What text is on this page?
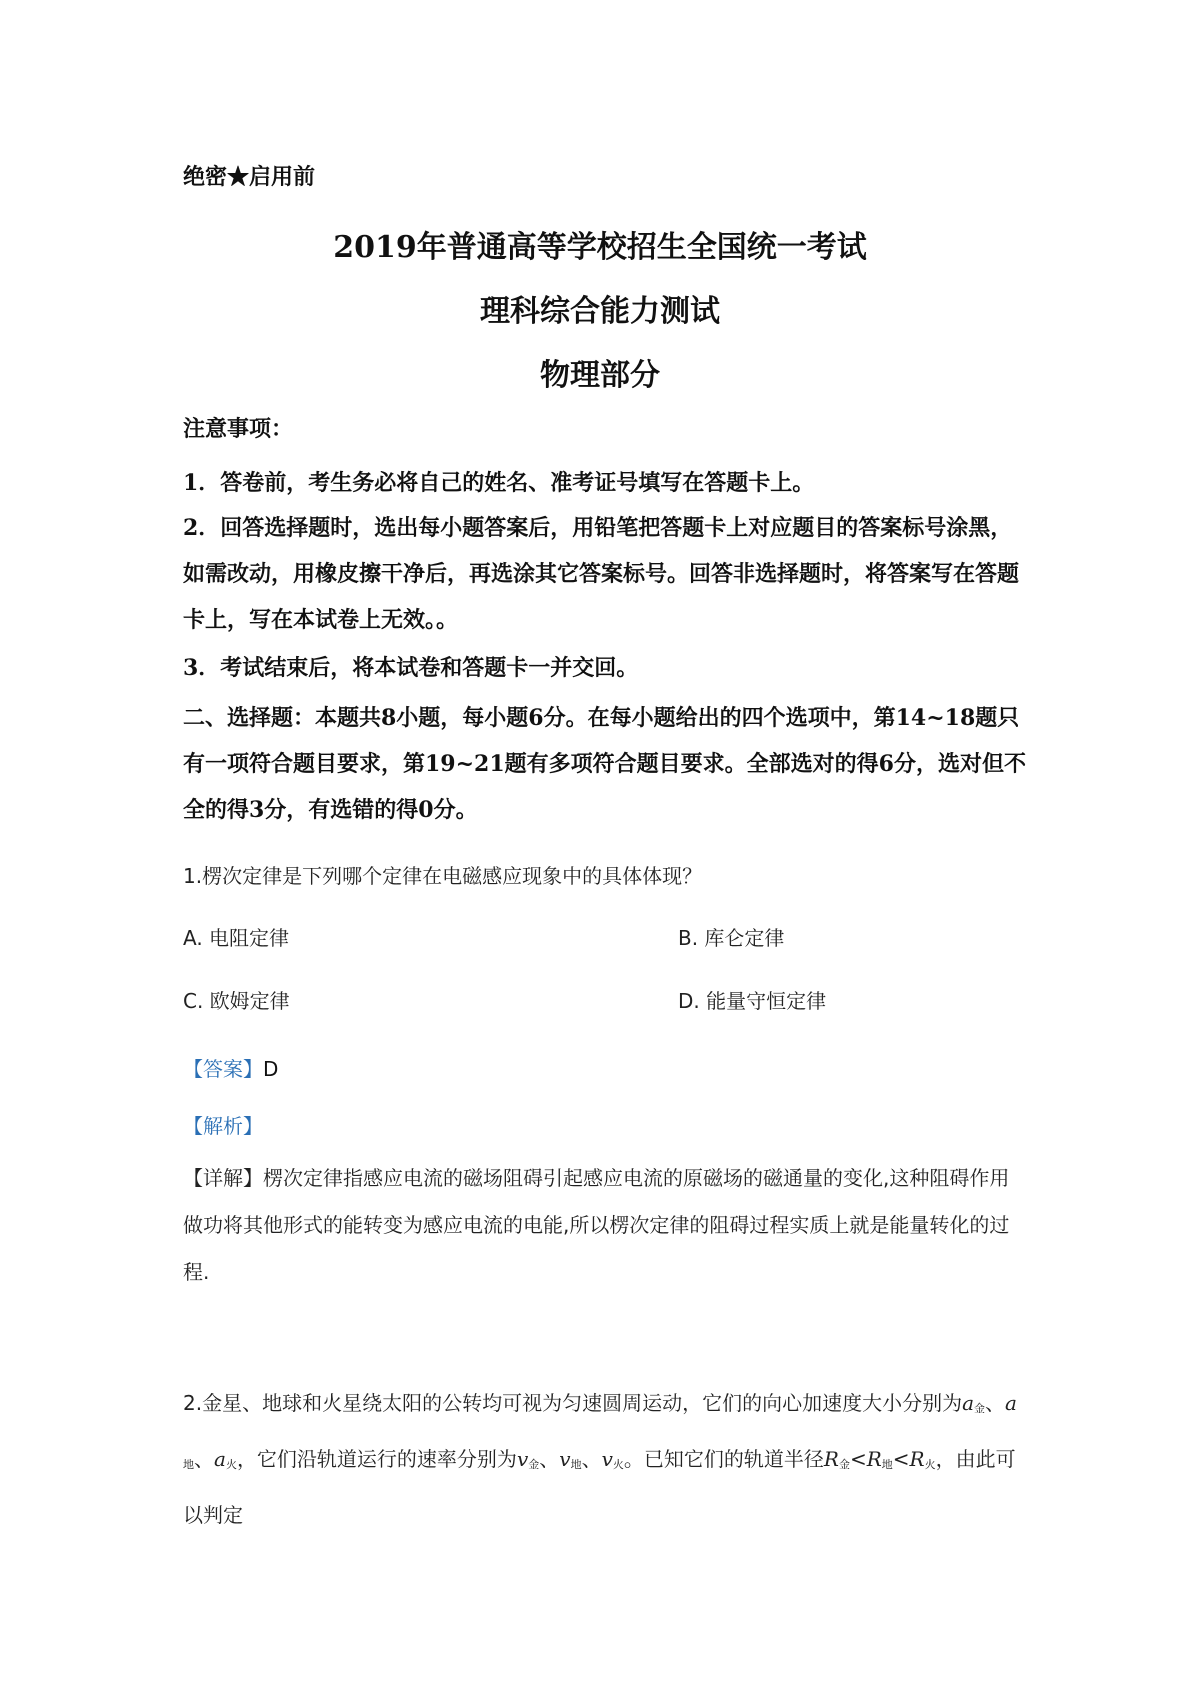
绝密★启用前
2019年普通高等学校招生全国统一考试
理科综合能力测试
物理部分
注意事项：

1．答卷前，考生务必将自己的姓名、准考证号填写在答题卡上。

2．回答选择题时，选出每小题答案后，用铅笔把答题卡上对应题目的答案标号涂黑，如需改动，用橡皮擦干净后，再选涂其它答案标号。回答非选择题时，将答案写在答题卡上，写在本试卷上无效。。

3．考试结束后，将本试卷和答题卡一并交回。

二、选择题：本题共8小题，每小题6分。在每小题给出的四个选项中，第14~18题只有一项符合题目要求，第19~21题有多项符合题目要求。全部选对的得6分，选对但不全的得3分，有选错的得0分。

1.楞次定律是下列哪个定律在电磁感应现象中的具体体现？
A. 电阻定律	B. 库仑定律
C. 欧姆定律	D. 能量守恒定律
【答案】D
【解析】

【详解】楞次定律指感应电流的磁场阻碍引起感应电流的原磁场的磁通量的变化,这种阻碍作用做功将其他形式的能转变为感应电流的电能,所以楞次定律的阻碍过程实质上就是能量转化的过程.

2.金星、地球和火星绕太阳的公转均可视为匀速圆周运动，它们的向心加速度大小分别为a金、a地、a火，它们沿轨道运行的速率分别为v金、v地、v火。已知它们的轨道半径R金<R地<R火，由此可以判定
